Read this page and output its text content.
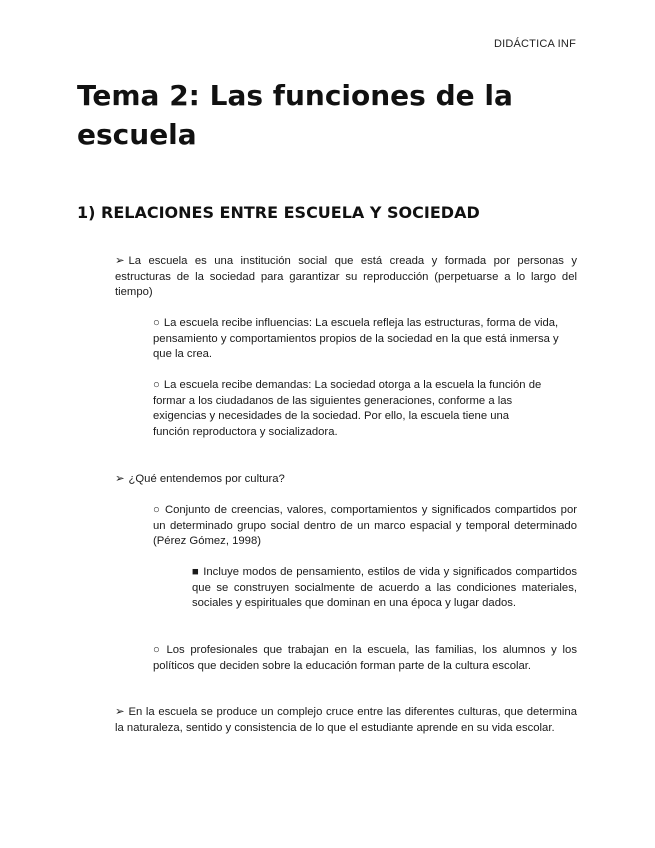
DIDÁCTICA INF
Tema 2: Las funciones de la escuela
1) RELACIONES ENTRE ESCUELA Y SOCIEDAD

➢ La escuela es una institución social que está creada y formada por personas y estructuras de la sociedad para garantizar su reproducción (perpetuarse a lo largo del tiempo)

○ La escuela recibe influencias: La escuela refleja las estructuras, forma de vida, pensamiento y comportamientos propios de la sociedad en la que está inmersa y que la crea.

○ La escuela recibe demandas: La sociedad otorga a la escuela la función de formar a los ciudadanos de las siguientes generaciones, conforme a las exigencias y necesidades de la sociedad. Por ello, la escuela tiene una función reproductora y socializadora.

➢ ¿Qué entendemos por cultura?

○ Conjunto de creencias, valores, comportamientos y significados compartidos por un determinado grupo social dentro de un marco espacial y temporal determinado (Pérez Gómez, 1998)

■ Incluye modos de pensamiento, estilos de vida y significados compartidos que se construyen socialmente de acuerdo a las condiciones materiales, sociales y espirituales que dominan en una época y lugar dados.

○ Los profesionales que trabajan en la escuela, las familias, los alumnos y los políticos que deciden sobre la educación forman parte de la cultura escolar.

➢ En la escuela se produce un complejo cruce entre las diferentes culturas, que determina la naturaleza, sentido y consistencia de lo que el estudiante aprende en su vida escolar.
